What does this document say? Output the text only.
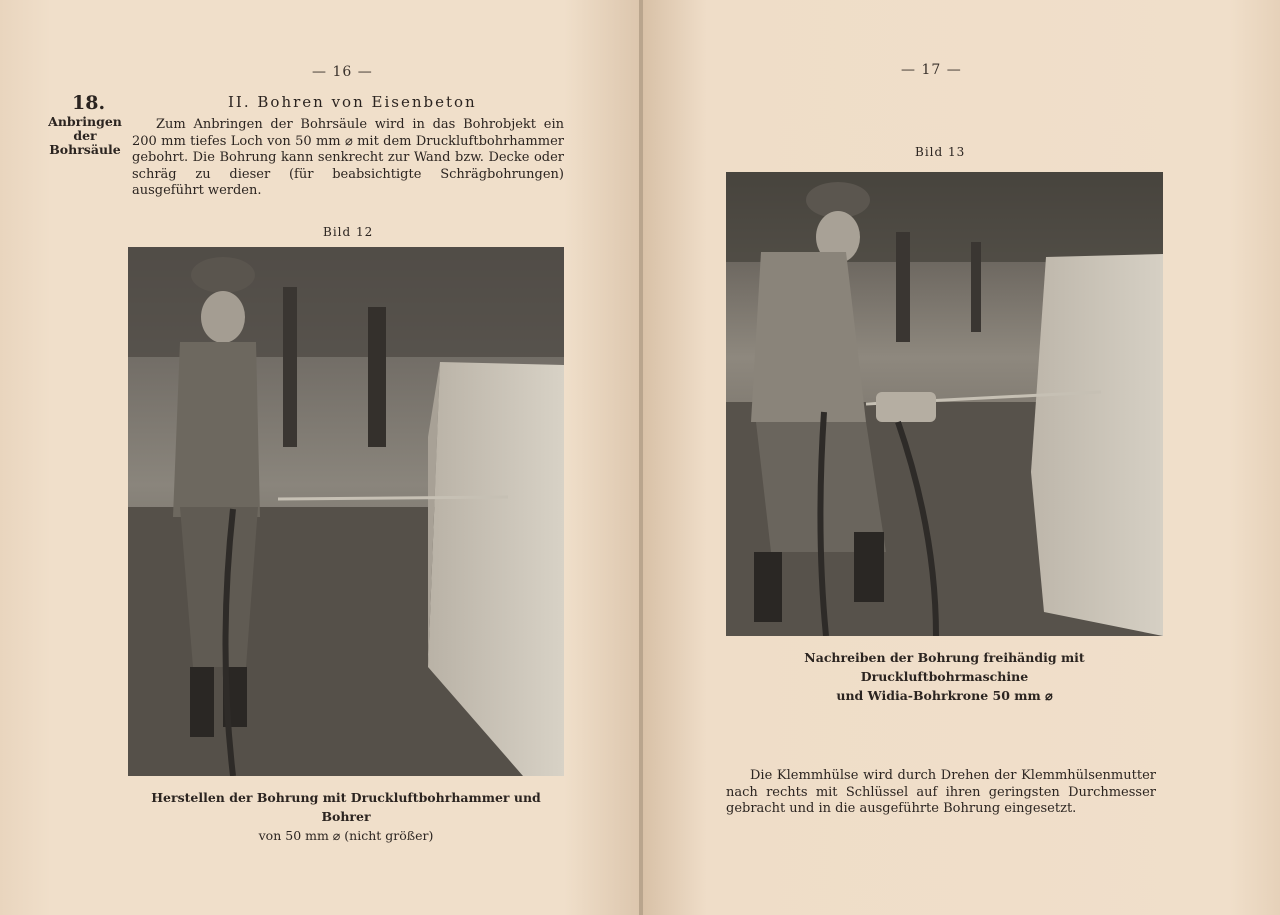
— 16 —
18.
Anbringen
der Bohrsäule
II. Bohren von Eisenbeton
Zum Anbringen der Bohrsäule wird in das Bohrobjekt ein 200 mm tiefes Loch von 50 mm ⌀ mit dem Druckluftbohrhammer gebohrt. Die Bohrung kann senkrecht zur Wand bzw. Decke oder schräg zu dieser (für beabsichtigte Schrägbohrungen) ausgeführt werden.
Bild 12
Herstellen der Bohrung mit Druckluftbohrhammer und Bohrer
von 50 mm ⌀ (nicht größer)
— 17 —
Bild 13
Nachreiben der Bohrung freihändig mit Druckluftbohrmaschine
und Widia-Bohrkrone 50 mm ⌀
Die Klemmhülse wird durch Drehen der Klemmhülsenmutter nach rechts mit Schlüssel auf ihren geringsten Durchmesser gebracht und in die ausgeführte Bohrung eingesetzt.
